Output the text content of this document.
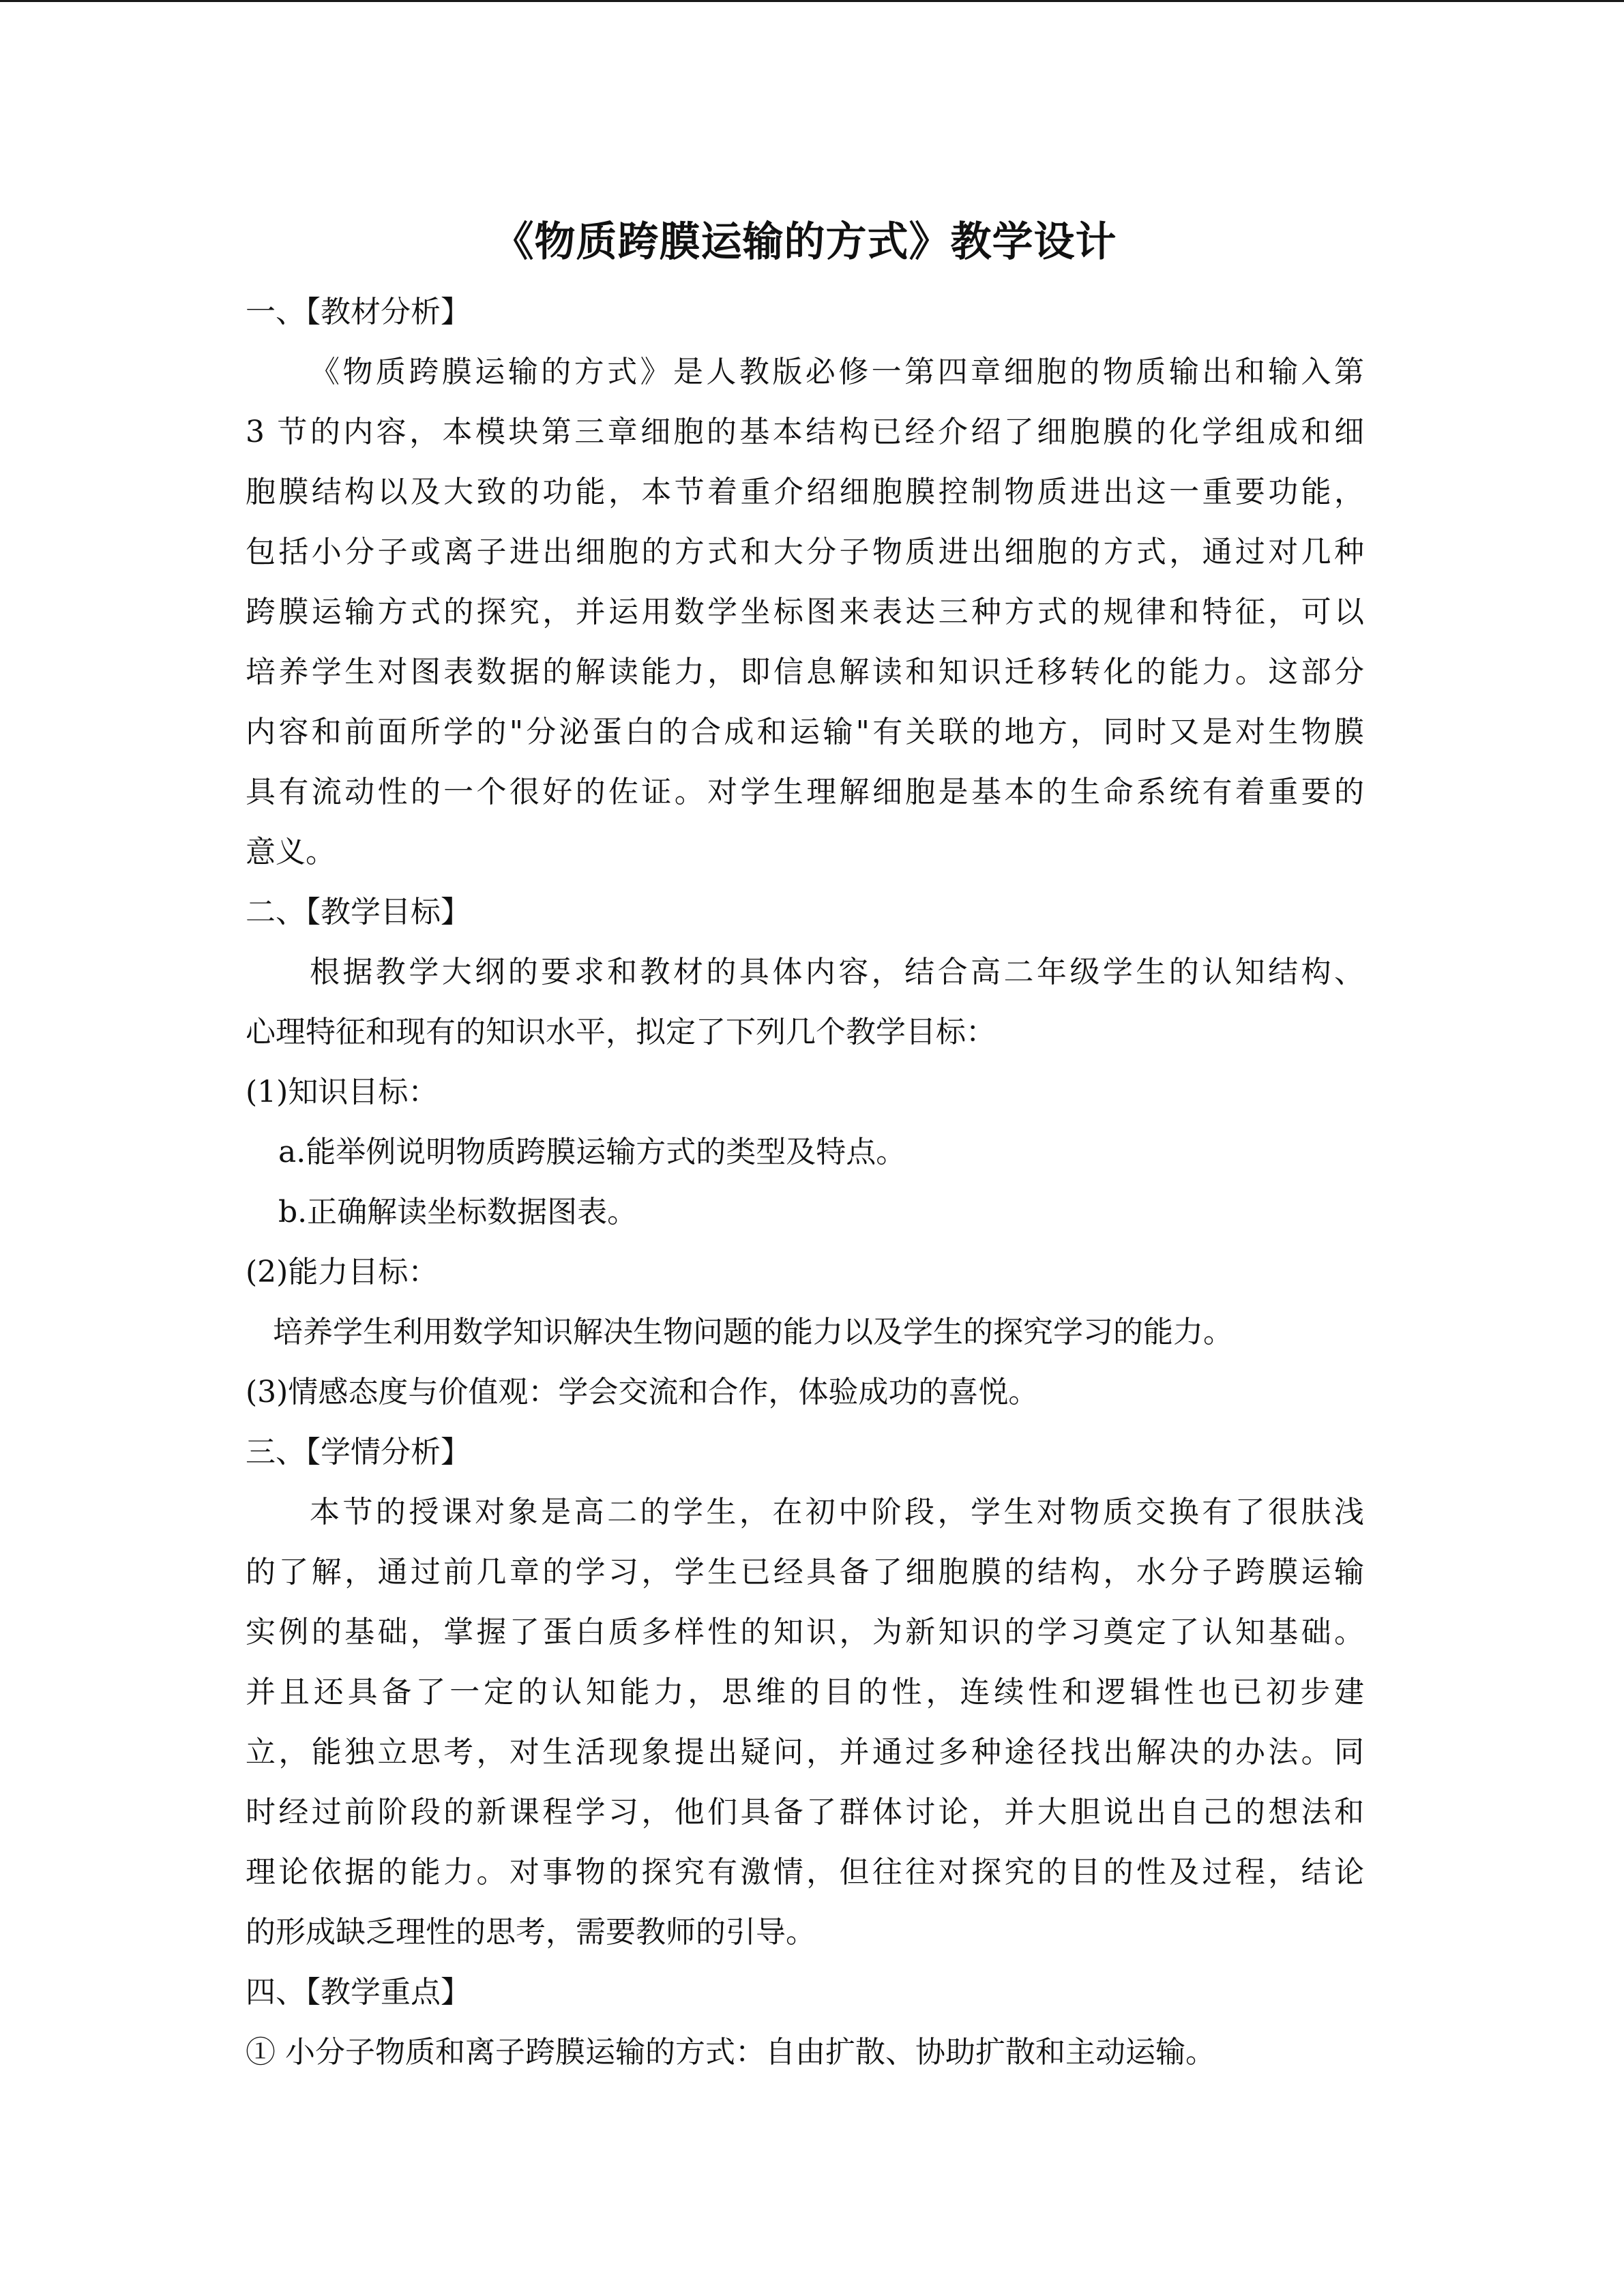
《物质跨膜运输的方式》教学设计
一、【教材分析】
《物质跨膜运输的方式》是人教版必修一第四章细胞的物质输出和输入第
3 节的内容，本模块第三章细胞的基本结构已经介绍了细胞膜的化学组成和细
胞膜结构以及大致的功能，本节着重介绍细胞膜控制物质进出这一重要功能，
包括小分子或离子进出细胞的方式和大分子物质进出细胞的方式，通过对几种
跨膜运输方式的探究，并运用数学坐标图来表达三种方式的规律和特征，可以
培养学生对图表数据的解读能力，即信息解读和知识迁移转化的能力。这部分
内容和前面所学的"分泌蛋白的合成和运输"有关联的地方，同时又是对生物膜
具有流动性的一个很好的佐证。对学生理解细胞是基本的生命系统有着重要的
意义。
二、【教学目标】
根据教学大纲的要求和教材的具体内容，结合高二年级学生的认知结构、
心理特征和现有的知识水平，拟定了下列几个教学目标：
(1)知识目标：
a.能举例说明物质跨膜运输方式的类型及特点。
b.正确解读坐标数据图表。
(2)能力目标：
培养学生利用数学知识解决生物问题的能力以及学生的探究学习的能力。
(3)情感态度与价值观：学会交流和合作，体验成功的喜悦。
三、【学情分析】
本节的授课对象是高二的学生，在初中阶段，学生对物质交换有了很肤浅
的了解，通过前几章的学习，学生已经具备了细胞膜的结构，水分子跨膜运输
实例的基础，掌握了蛋白质多样性的知识，为新知识的学习奠定了认知基础。
并且还具备了一定的认知能力，思维的目的性，连续性和逻辑性也已初步建
立，能独立思考，对生活现象提出疑问，并通过多种途径找出解决的办法。同
时经过前阶段的新课程学习，他们具备了群体讨论，并大胆说出自己的想法和
理论依据的能力。对事物的探究有激情，但往往对探究的目的性及过程，结论
的形成缺乏理性的思考，需要教师的引导。
四、【教学重点】
① 小分子物质和离子跨膜运输的方式：自由扩散、协助扩散和主动运输。
